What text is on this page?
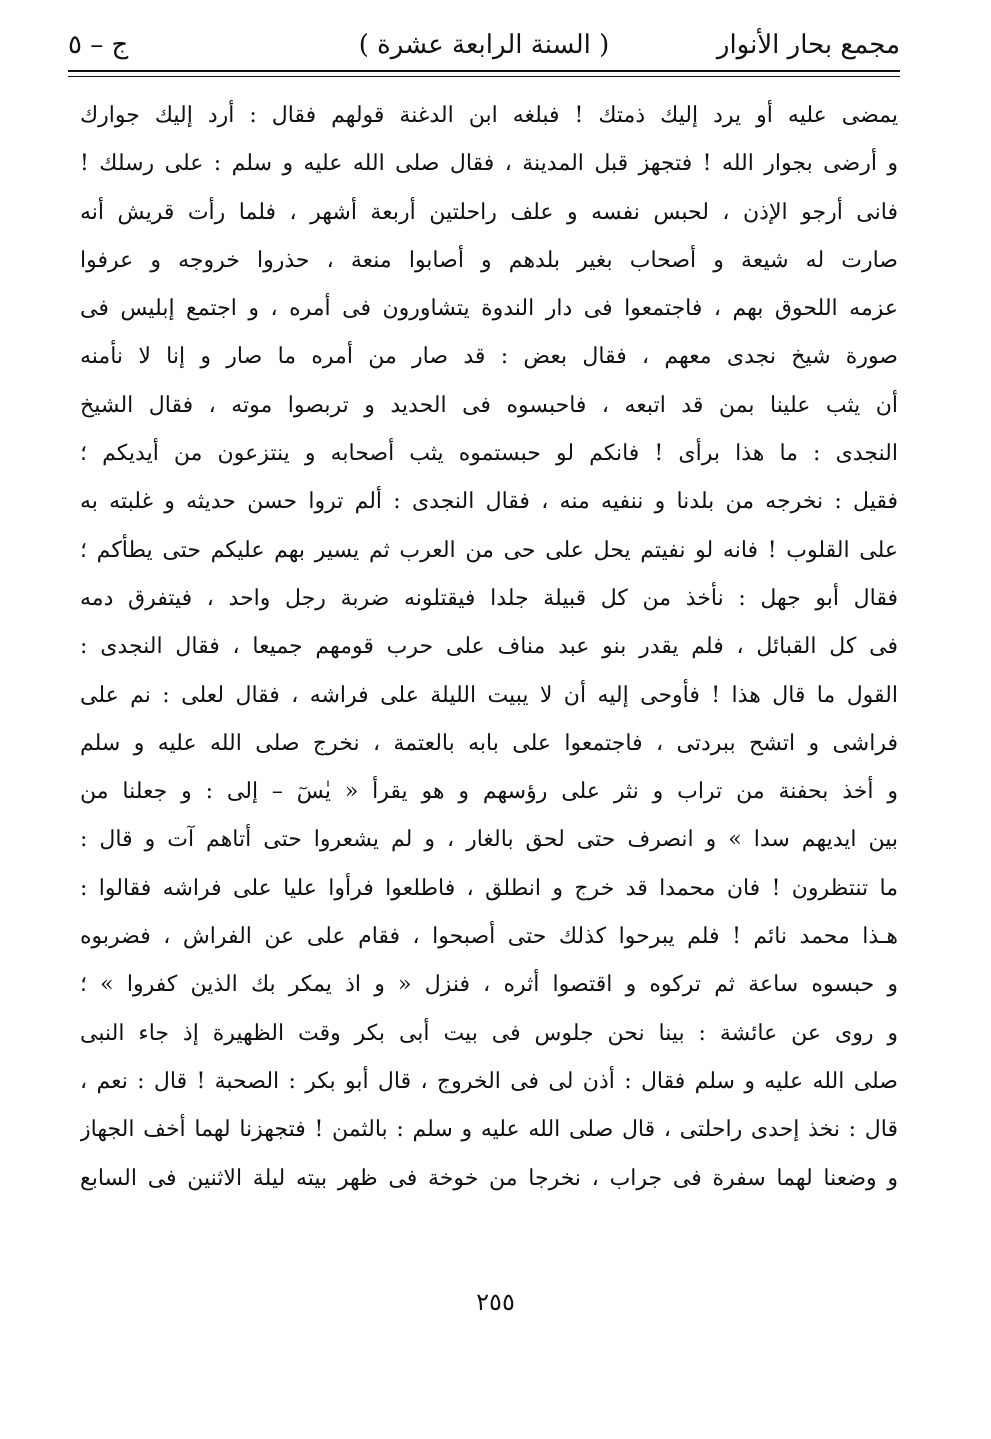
مجمع بحار الأنوار
( السنة الرابعة عشرة )
ج – ٥
يمضى عليه أو يرد إليك ذمتك ! فبلغه ابن الدغنة قولهم فقال : أرد إليك جوارك
و أرضى بجوار الله ! فتجهز قبل المدينة ، فقال صلى الله عليه و سلم : على رسلك !
فانى أرجو الإذن ، لحبس نفسه و علف راحلتين أربعة أشهر ، فلما رأت قريش أنه
صارت له شيعة و أصحاب بغير بلدهم و أصابوا منعة ، حذروا خروجه و عرفوا
عزمه اللحوق بهم ، فاجتمعوا فى دار الندوة يتشاورون فى أمره ، و اجتمع إبليس فى
صورة شيخ نجدى معهم ، فقال بعض : قد صار من أمره ما صار و إنا لا نأمنه
أن يثب علينا بمن قد اتبعه ، فاحبسوه فى الحديد و تربصوا موته ، فقال الشيخ
النجدى : ما هذا برأى ! فانكم لو حبستموه يثب أصحابه و ينتزعون من أيديكم ؛
فقيل : نخرجه من بلدنا و ننفيه منه ، فقال النجدى : ألم تروا حسن حديثه و غلبته به
على القلوب ! فانه لو نفيتم يحل على حى من العرب ثم يسير بهم عليكم حتى يطأكم ؛
فقال أبو جهل : نأخذ من كل قبيلة جلدا فيقتلونه ضربة رجل واحد ، فيتفرق دمه
فى كل القبائل ، فلم يقدر بنو عبد مناف على حرب قومهم جميعا ، فقال النجدى :
القول ما قال هذا ! فأوحى إليه أن لا يبيت الليلة على فراشه ، فقال لعلى : نم على
فراشى و اتشح ببردتى ، فاجتمعوا على بابه بالعتمة ، نخرج صلى الله عليه و سلم
و أخذ بحفنة من تراب و نثر على رؤسهم و هو يقرأ « يٰسٓ – إلى : و جعلنا من
بين ايديهم سدا » و انصرف حتى لحق بالغار ، و لم يشعروا حتى أتاهم آت و قال :
ما تنتظرون ! فان محمدا قد خرج و انطلق ، فاطلعوا فرأوا عليا على فراشه فقالوا :
هـذا محمد نائم ! فلم يبرحوا كذلك حتى أصبحوا ، فقام على عن الفراش ، فضربوه
و حبسوه ساعة ثم تركوه و اقتصوا أثره ، فنزل « و اذ يمكر بك الذين كفروا » ؛
و روى عن عائشة : بينا نحن جلوس فى بيت أبى بكر وقت الظهيرة إذ جاء النبى
صلى الله عليه و سلم فقال : أذن لى فى الخروج ، قال أبو بكر : الصحبة ! قال : نعم ،
قال : نخذ إحدى راحلتى ، قال صلى الله عليه و سلم : بالثمن ! فتجهزنا لهما أخف الجهاز
و وضعنا لهما سفرة فى جراب ، نخرجا من خوخة فى ظهر بيته ليلة الاثنين فى السابع
٢٥٥
